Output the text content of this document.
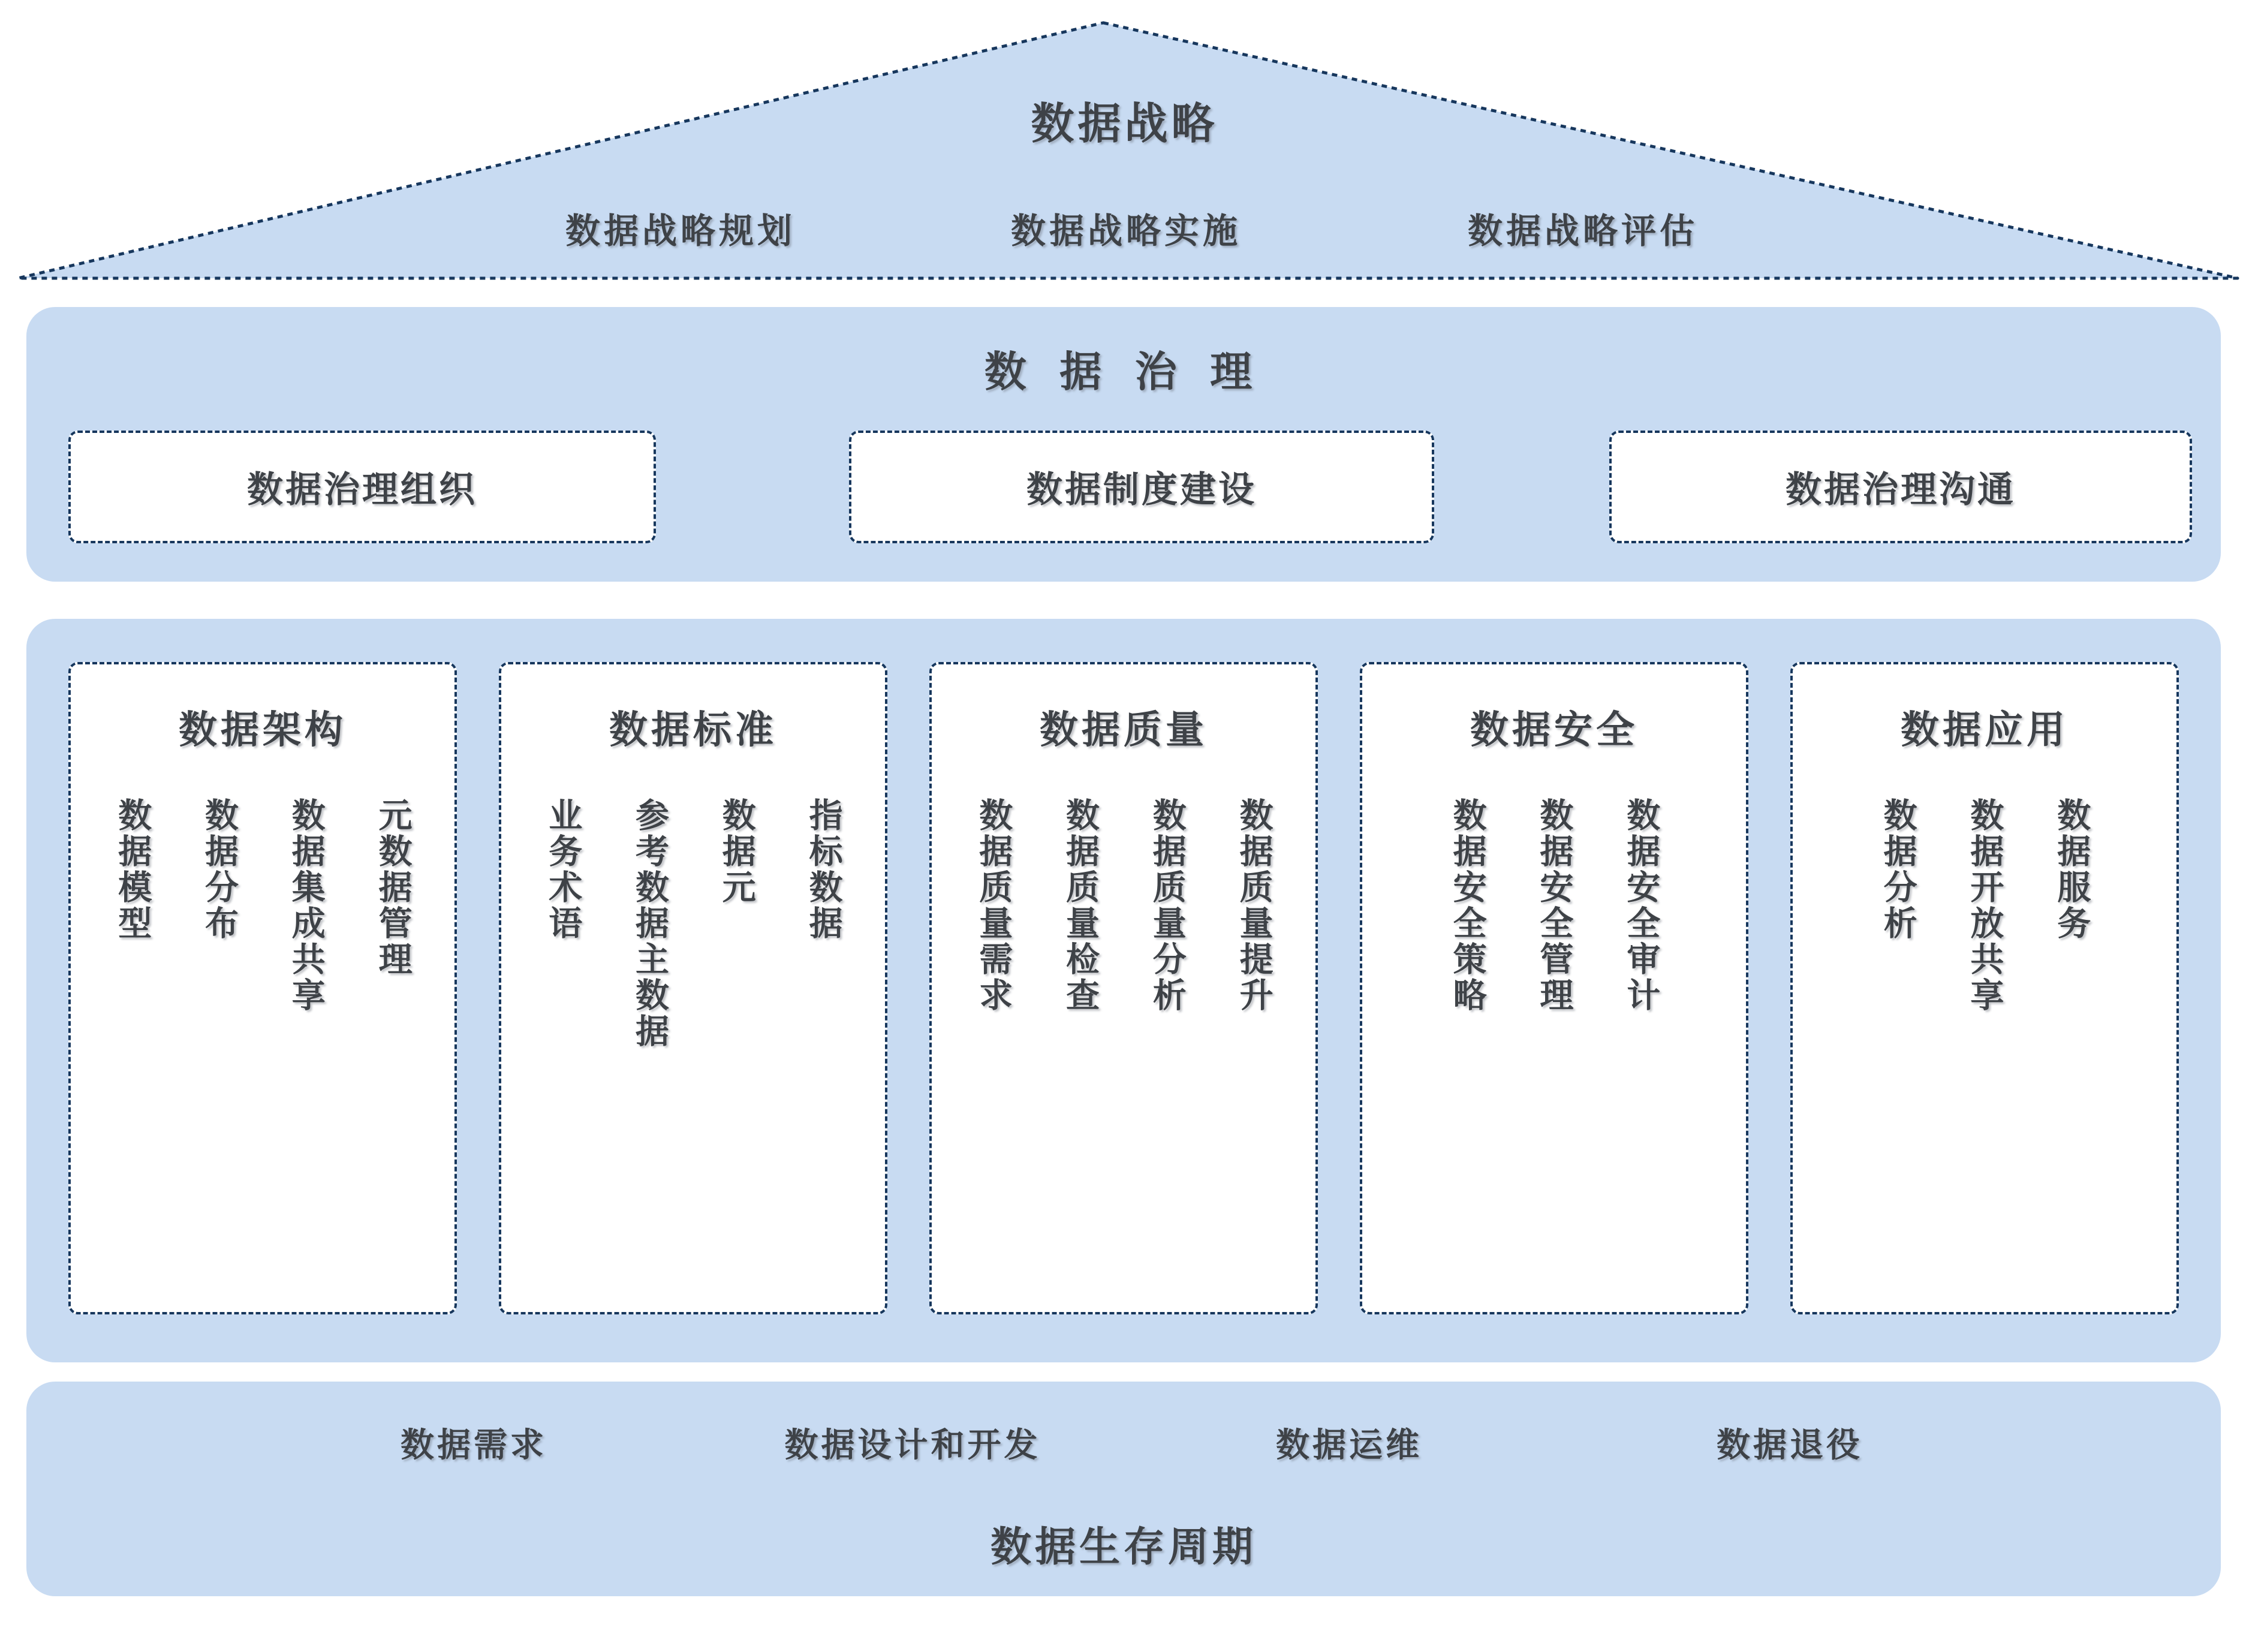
数据战略
数据战略规划	数据战略实施	数据战略评估
数 据 治 理
数据治理组织	数据制度建设	数据治理沟通
数据架构
数据模型 数据分布 数据集成共享 元数据管理
数据标准
业务术语 参考数据主数据 数据元 指标数据
数据质量
数据质量需求 数据质量检查 数据质量分析 数据质量提升
数据安全
数据安全策略 数据安全管理 数据安全审计
数据应用
数据分析 数据开放共享 数据服务
数据需求	数据设计和开发	数据运维	数据退役
数据生存周期
